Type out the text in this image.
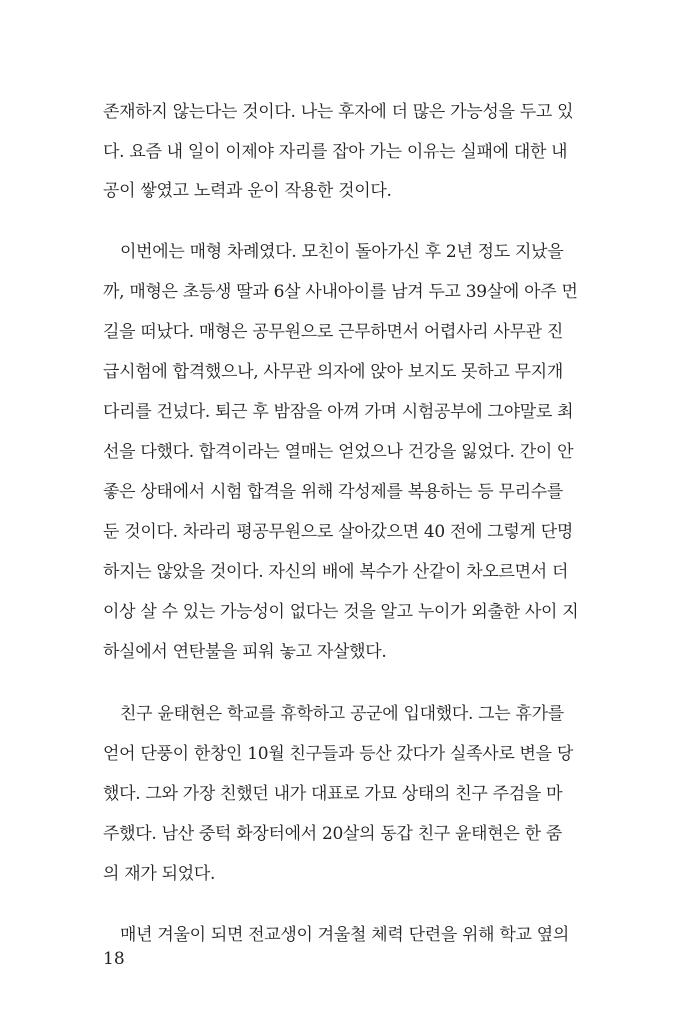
존재하지 않는다는 것이다. 나는 후자에 더 많은 가능성을 두고 있
다. 요즘 내 일이 이제야 자리를 잡아 가는 이유는 실패에 대한 내
공이 쌓였고 노력과 운이 작용한 것이다.
이번에는 매형 차례였다. 모친이 돌아가신 후 2년 정도 지났을
까, 매형은 초등생 딸과 6살 사내아이를 남겨 두고 39살에 아주 먼
길을 떠났다. 매형은 공무원으로 근무하면서 어렵사리 사무관 진
급시험에 합격했으나, 사무관 의자에 앉아 보지도 못하고 무지개
다리를 건넜다. 퇴근 후 밤잠을 아껴 가며 시험공부에 그야말로 최
선을 다했다. 합격이라는 열매는 얻었으나 건강을 잃었다. 간이 안
좋은 상태에서 시험 합격을 위해 각성제를 복용하는 등 무리수를
둔 것이다. 차라리 평공무원으로 살아갔으면 40 전에 그렇게 단명
하지는 않았을 것이다. 자신의 배에 복수가 산같이 차오르면서 더
이상 살 수 있는 가능성이 없다는 것을 알고 누이가 외출한 사이 지
하실에서 연탄불을 피워 놓고 자살했다.
친구 윤태현은 학교를 휴학하고 공군에 입대했다. 그는 휴가를
얻어 단풍이 한창인 10월 친구들과 등산 갔다가 실족사로 변을 당
했다. 그와 가장 친했던 내가 대표로 가묘 상태의 친구 주검을 마
주했다. 남산 중턱 화장터에서 20살의 동갑 친구 윤태현은 한 줌
의 재가 되었다.
매년 겨울이 되면 전교생이 겨울철 체력 단련을 위해 학교 옆의
18
